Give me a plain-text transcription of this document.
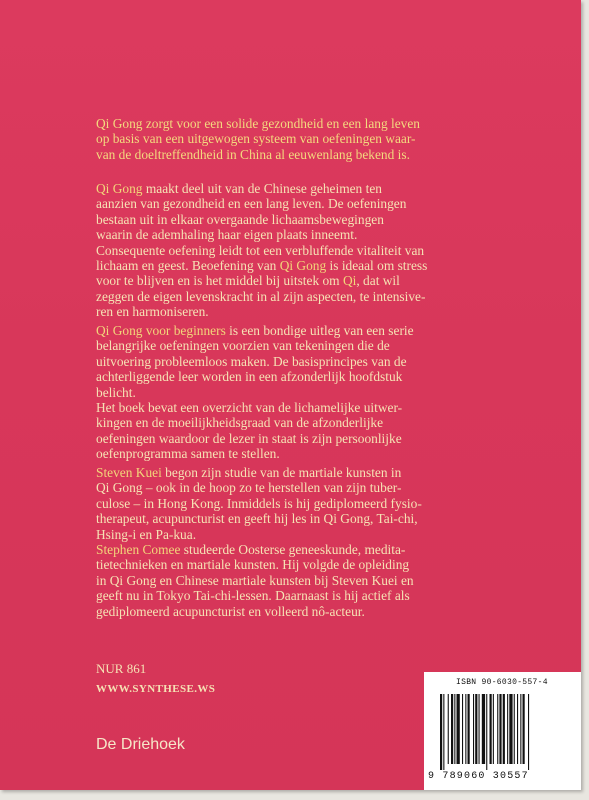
Qi Gong zorgt voor een solide gezondheid en een lang leven
op basis van een uitgewogen systeem van oefeningen waar-
van de doeltreffendheid in China al eeuwenlang bekend is.
Qi Gong maakt deel uit van de Chinese geheimen ten
aanzien van gezondheid en een lang leven. De oefeningen
bestaan uit in elkaar overgaande lichaamsbewegingen
waarin de ademhaling haar eigen plaats inneemt.
Consequente oefening leidt tot een verbluffende vitaliteit van
lichaam en geest. Beoefening van Qi Gong is ideaal om stress
voor te blijven en is het middel bij uitstek om Qi, dat wil
zeggen de eigen levenskracht in al zijn aspecten, te intensive-
ren en harmoniseren.
Qi Gong voor beginners is een bondige uitleg van een serie
belangrijke oefeningen voorzien van tekeningen die de
uitvoering probleemloos maken. De basisprincipes van de
achterliggende leer worden in een afzonderlijk hoofdstuk
belicht.
Het boek bevat een overzicht van de lichamelijke uitwer-
kingen en de moeilijkheidsgraad van de afzonderlijke
oefeningen waardoor de lezer in staat is zijn persoonlijke
oefenprogramma samen te stellen.
Steven Kuei begon zijn studie van de martiale kunsten in
Qi Gong – ook in de hoop zo te herstellen van zijn tuber-
culose – in Hong Kong. Inmiddels is hij gediplomeerd fysio-
therapeut, acupuncturist en geeft hij les in Qi Gong, Tai-chi,
Hsing-i en Pa-kua.
Stephen Comee studeerde Oosterse geneeskunde, medita-
tietechnieken en martiale kunsten. Hij volgde de opleiding
in Qi Gong en Chinese martiale kunsten bij Steven Kuei en
geeft nu in Tokyo Tai-chi-lessen. Daarnaast is hij actief als
gediplomeerd acupuncturist en volleerd nô-acteur.
NUR 861
WWW.SYNTHESE.WS
De Driehoek
ISBN 90-6030-557-4
9 789060 30557
